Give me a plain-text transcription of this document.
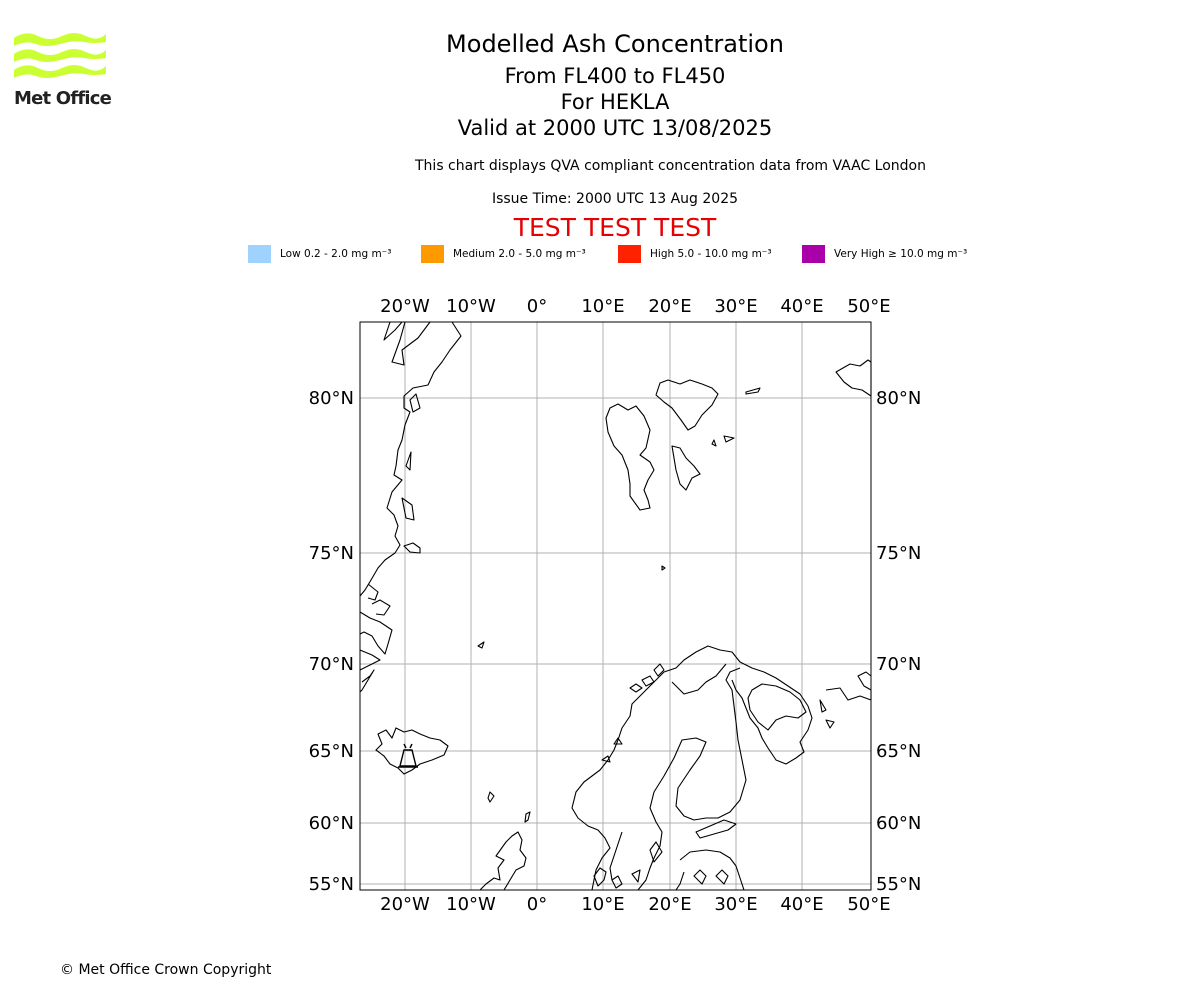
Met Office
Modelled Ash Concentration
From FL400 to FL450
For HEKLA
Valid at 2000 UTC 13/08/2025
This chart displays QVA compliant concentration data from VAAC London
Issue Time: 2000 UTC 13 Aug 2025
TEST TEST TEST
Low 0.2 - 2.0 mg m⁻³	Medium 2.0 - 5.0 mg m⁻³	High 5.0 - 10.0 mg m⁻³	Very High ≥ 10.0 mg m⁻³
20°W 10°W 0° 10°E 20°E 30°E 40°E 50°E
20°W 10°W 0° 10°E 20°E 30°E 40°E 50°E
80°N
75°N
70°N
65°N
60°N
55°N
80°N
75°N
70°N
65°N
60°N
55°N
© Met Office Crown Copyright
